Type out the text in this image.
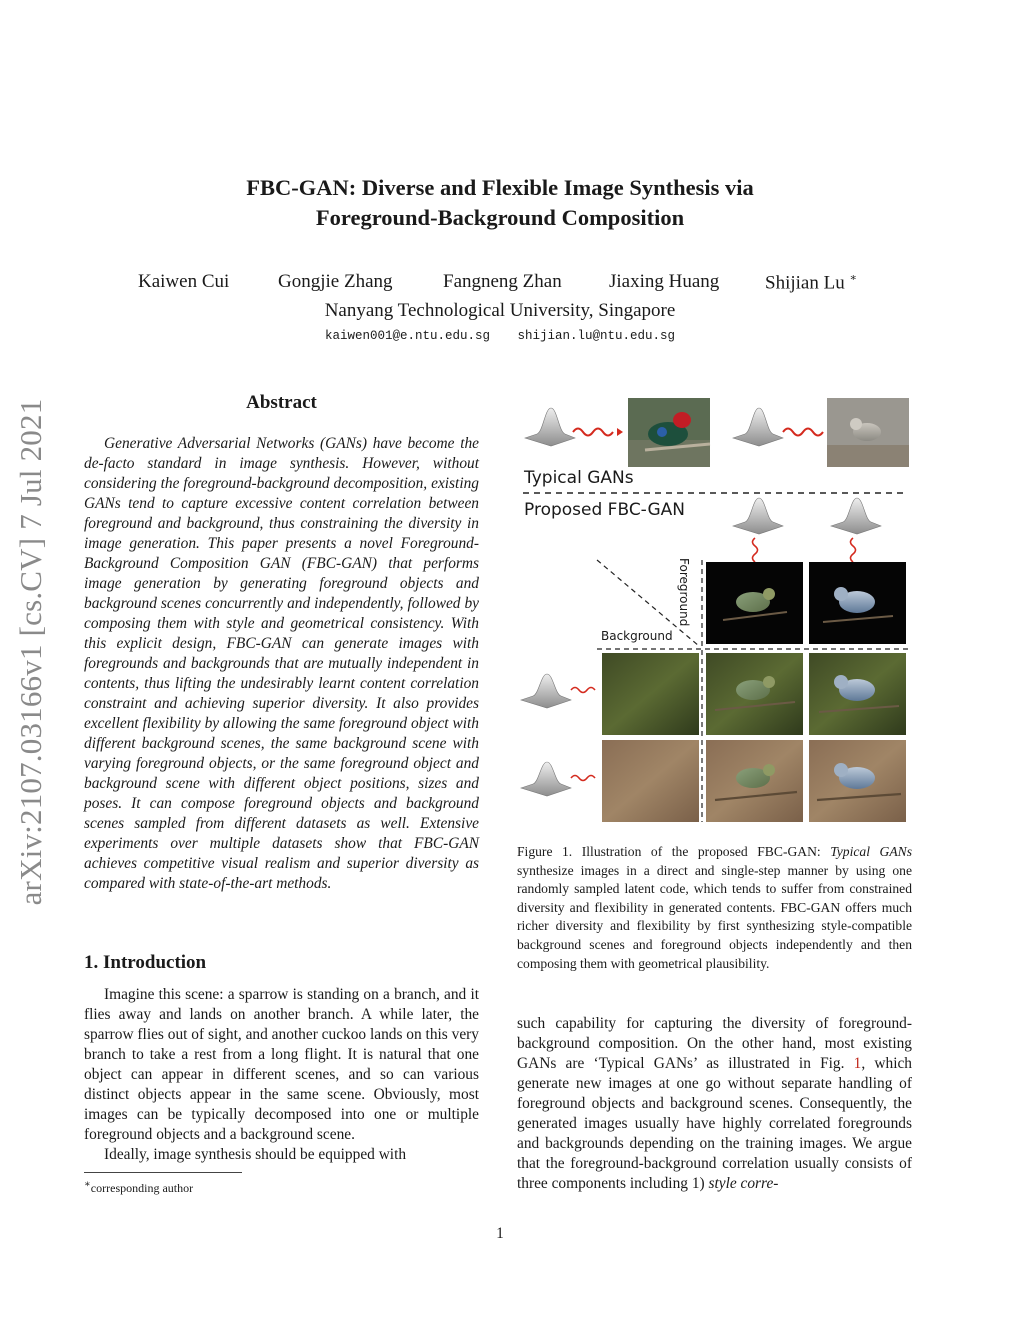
arXiv:2107.03166v1 [cs.CV] 7 Jul 2021
FBC-GAN: Diverse and Flexible Image Synthesis via
Foreground-Background Composition
Kaiwen Cui	Gongjie Zhang	Fangneng Zhan Jiaxing Huang Shijian Lu ∗
Nanyang Technological University, Singapore
kaiwen001@e.ntu.edu.sg shijian.lu@ntu.edu.sg
Abstract

Generative Adversarial Networks (GANs) have become the de-facto standard in image synthesis. However, without considering the foreground-background decomposition, existing GANs tend to capture excessive content correlation between foreground and background, thus constraining the diversity in image generation. This paper presents a novel Foreground-Background Composition GAN (FBC-GAN) that performs image generation by generating foreground objects and background scenes concurrently and independently, followed by composing them with style and geometrical consistency. With this explicit design, FBC-GAN can generate images with foregrounds and backgrounds that are mutually independent in contents, thus lifting the undesirably learnt content correlation constraint and achieving superior diversity. It also provides excellent flexibility by allowing the same foreground object with different background scenes, the same background scene with varying foreground objects, or the same foreground object and background scene with different object positions, sizes and poses. It can compose foreground objects and background scenes sampled from different datasets as well. Extensive experiments over multiple datasets show that FBC-GAN achieves competitive visual realism and superior diversity as compared with state-of-the-art methods.

1. Introduction

Imagine this scene: a sparrow is standing on a branch, and it flies away and lands on another branch. A while later, the sparrow flies out of sight, and another cuckoo lands on this very branch to take a rest from a long flight. It is natural that one object can appear in different scenes, and so can various distinct objects appear in the same scene. Obviously, most images can be typically decomposed into one or multiple foreground objects and a background scene.

Ideally, image synthesis should be equipped with

∗corresponding author
Typical GANs
Proposed FBC-GAN
Background
Foreground

Figure 1. Illustration of the proposed FBC-GAN: Typical GANs synthesize images in a direct and single-step manner by using one randomly sampled latent code, which tends to suffer from constrained diversity and flexibility in generated contents. FBC-GAN offers much richer diversity and flexibility by first synthesizing style-compatible background scenes and foreground objects independently and then composing them with geometrical plausibility.

such capability for capturing the diversity of foreground-background composition. On the other hand, most existing GANs are ‘Typical GANs’ as illustrated in Fig. 1, which generate new images at one go without separate handling of foreground objects and background scenes. Consequently, the generated images usually have highly correlated foregrounds and backgrounds depending on the training images. We argue that the foreground-background correlation usually consists of three components including 1) style corre-

1
